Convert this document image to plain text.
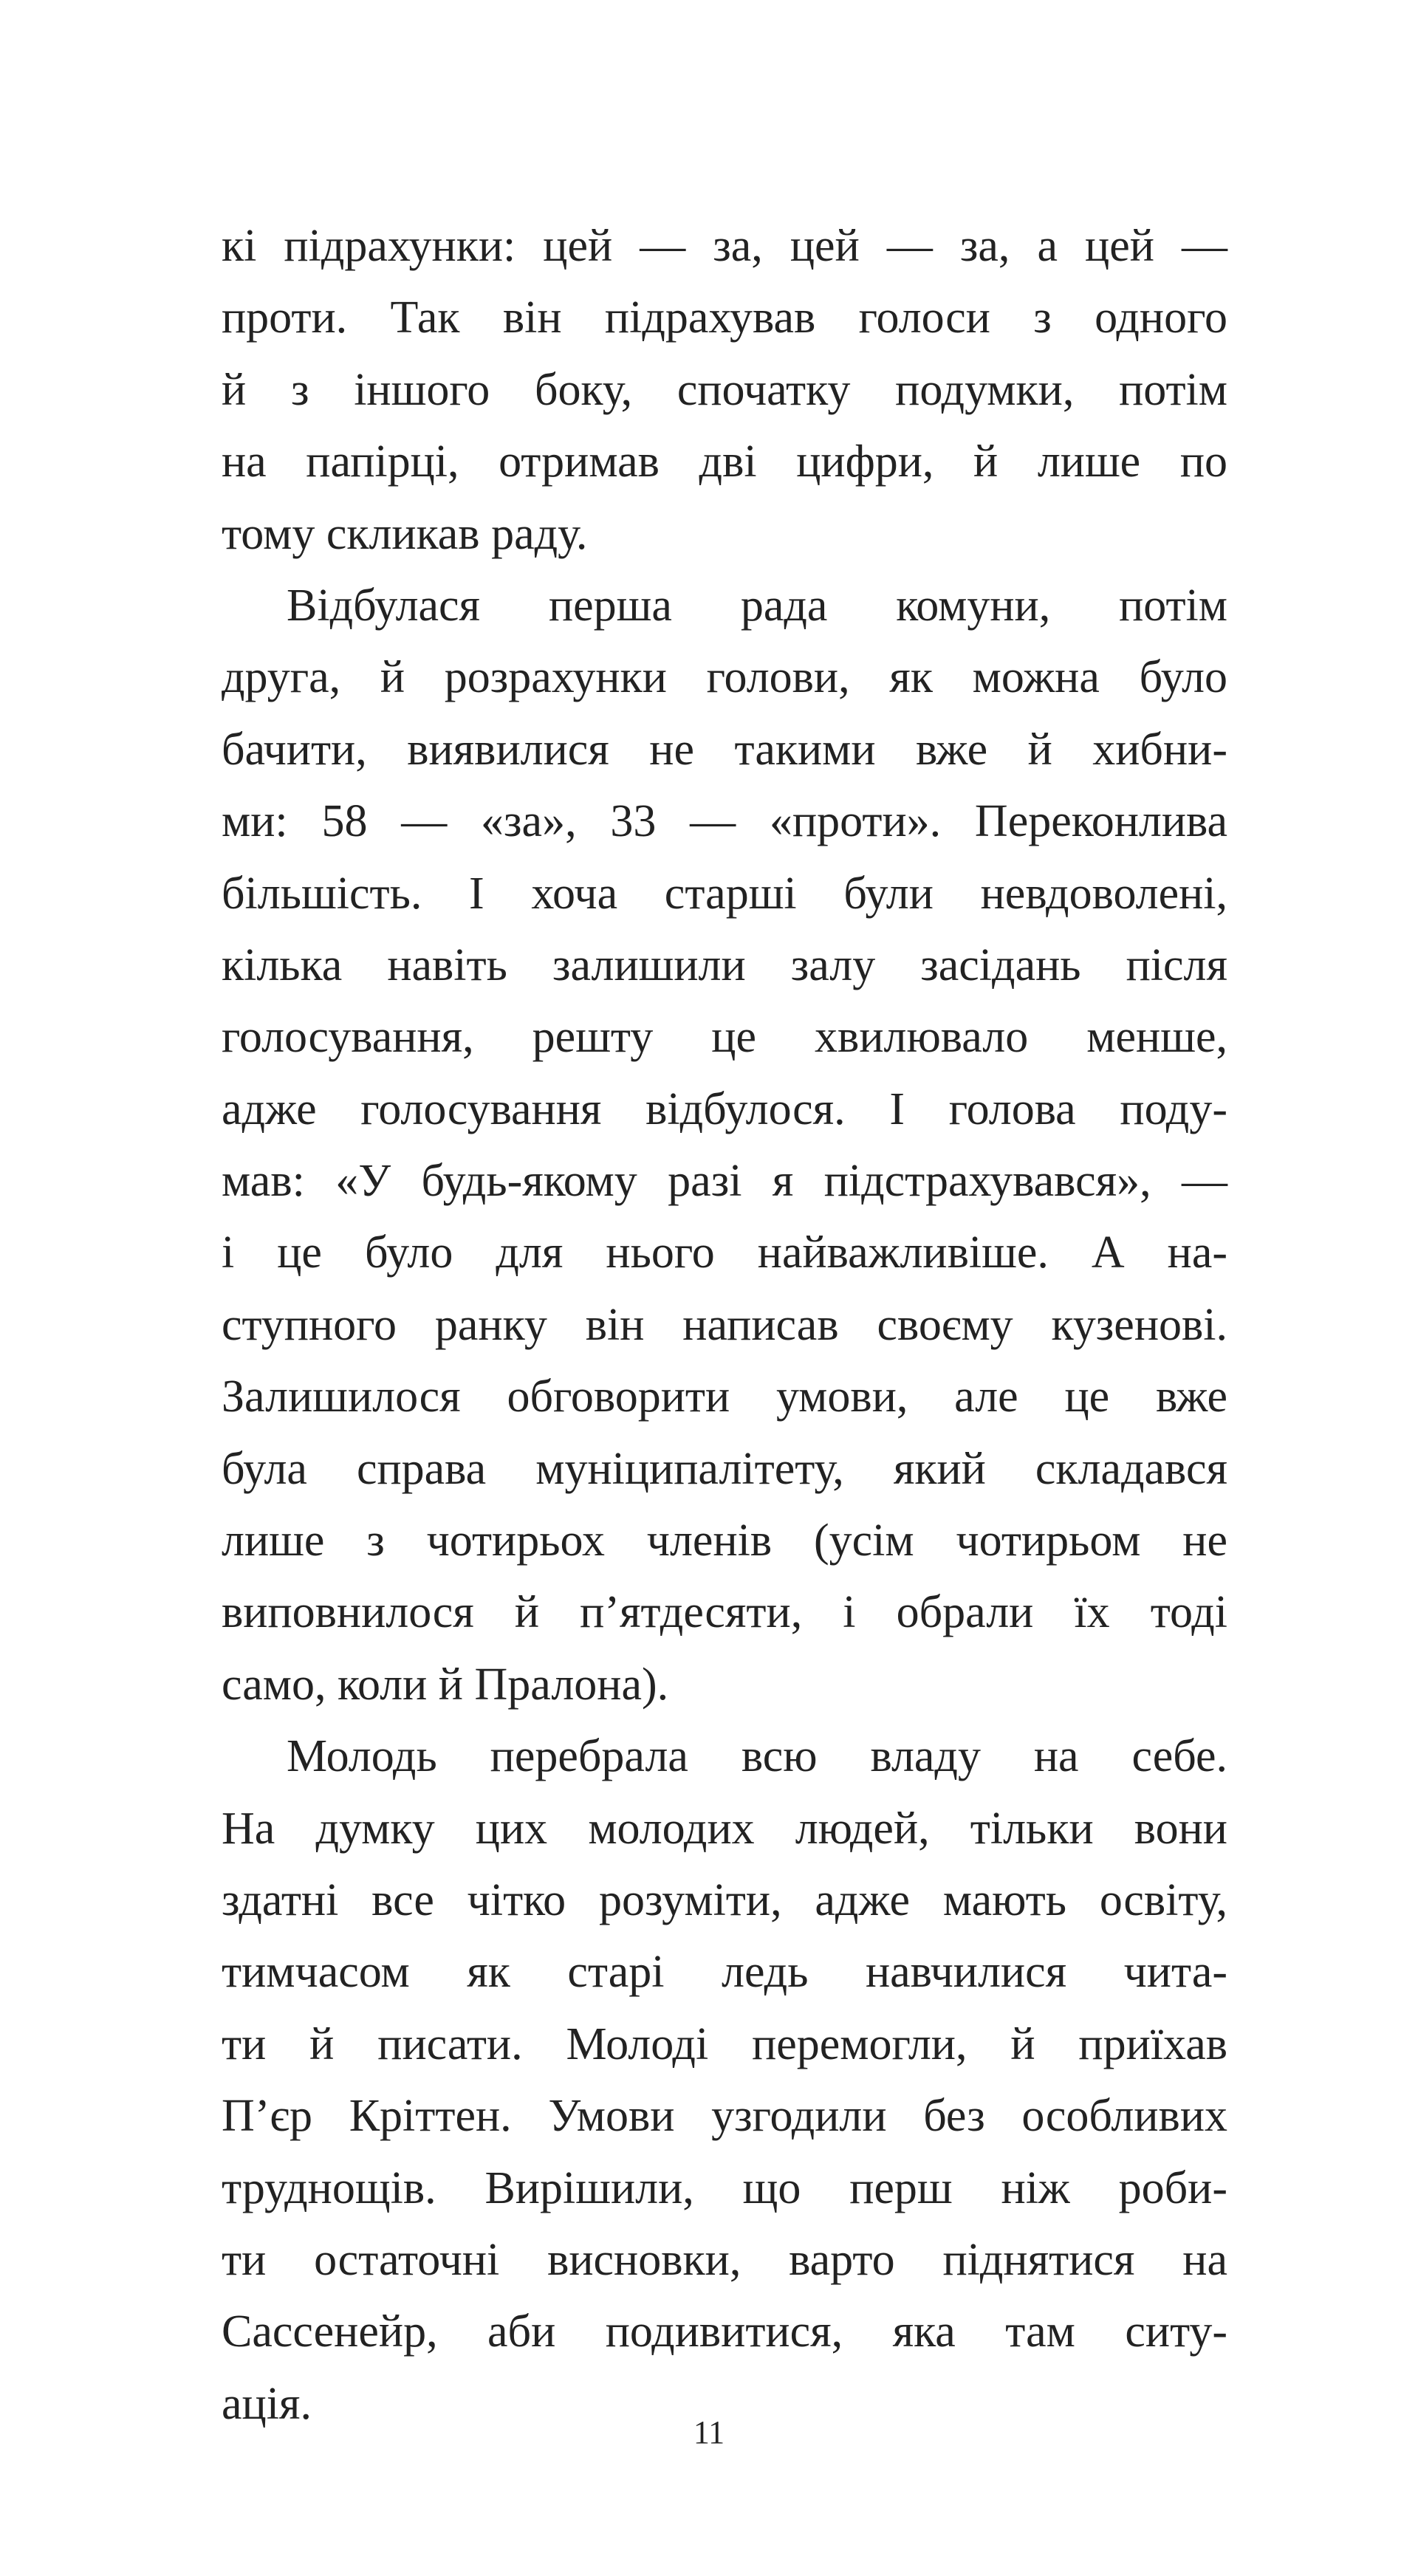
кі підрахунки: цей — за, цей — за, а цей —
проти. Так він підрахував голоси з одного
й з іншого боку, спочатку подумки, потім
на папірці, отримав дві цифри, й лише по
тому скликав раду.
Відбулася перша рада комуни, потім
друга, й розрахунки голови, як можна було
бачити, виявилися не такими вже й хибни-
ми: 58 — «за», 33 — «проти». Переконлива
більшість. І хоча старші були невдоволені,
кілька навіть залишили залу засідань після
голосування, решту це хвилювало менше,
адже голосування відбулося. І голова поду-
мав: «У будь-якому разі я підстрахувався», —
і це було для нього найважливіше. А на-
ступного ранку він написав своєму кузенові.
Залишилося обговорити умови, але це вже
була справа муніципалітету, який складався
лише з чотирьох членів (усім чотирьом не
виповнилося й п’ятдесяти, і обрали їх тоді
само, коли й Пралона).
Молодь перебрала всю владу на себе.
На думку цих молодих людей, тільки вони
здатні все чітко розуміти, адже мають освіту,
тимчасом як старі ледь навчилися чита-
ти й писати. Молоді перемогли, й приїхав
П’єр Кріттен. Умови узгодили без особливих
труднощів. Вирішили, що перш ніж роби-
ти остаточні висновки, варто піднятися на
Сассенейр, аби подивитися, яка там ситу-
ація.
11
